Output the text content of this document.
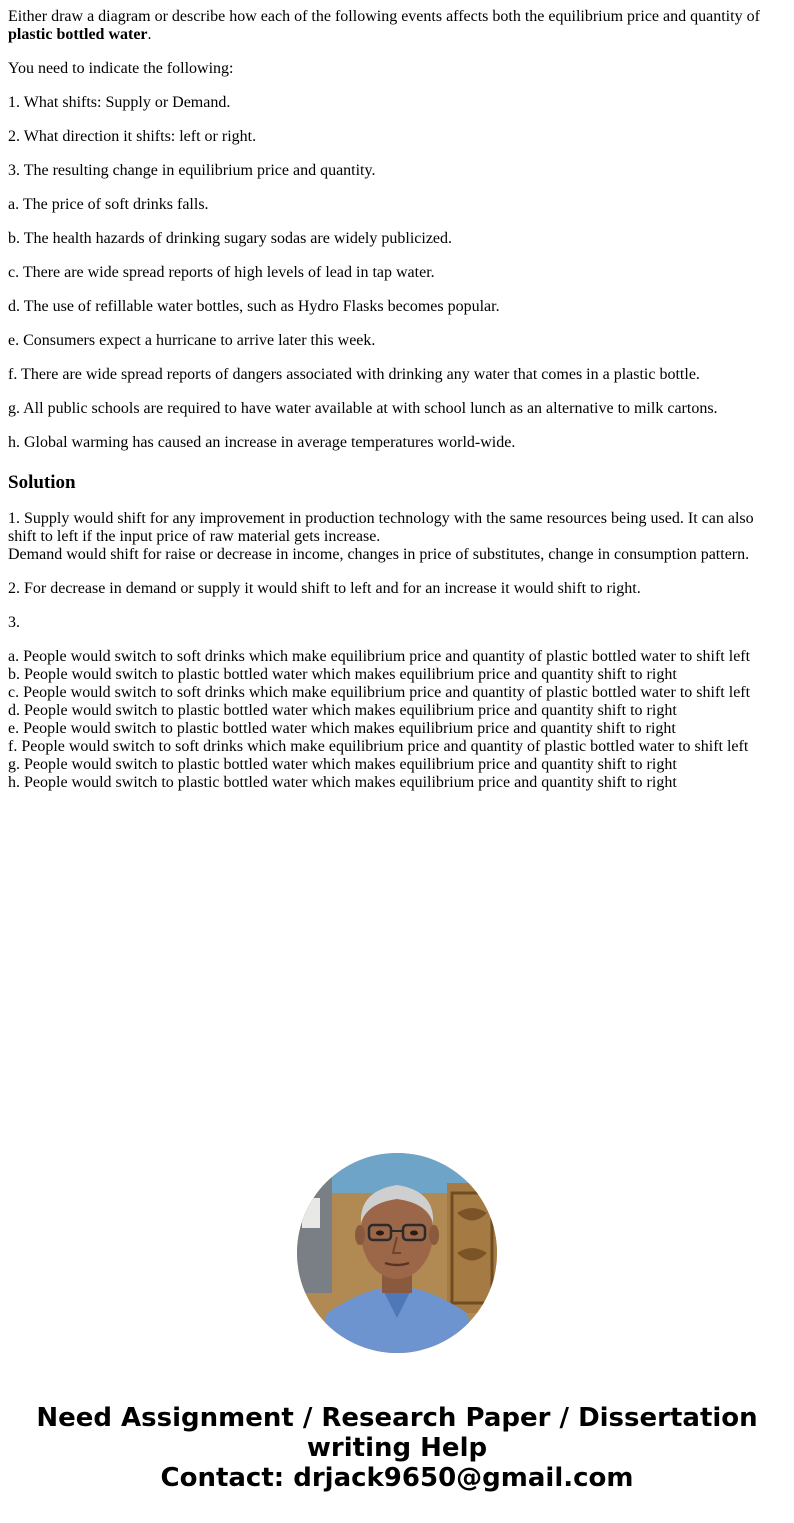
Either draw a diagram or describe how each of the following events affects both the equilibrium price and quantity of plastic bottled water.

You need to indicate the following:

1. What shifts: Supply or Demand.

2. What direction it shifts: left or right.

3. The resulting change in equilibrium price and quantity.

a. The price of soft drinks falls.

b. The health hazards of drinking sugary sodas are widely publicized.

c. There are wide spread reports of high levels of lead in tap water.

d. The use of refillable water bottles, such as Hydro Flasks becomes popular.

e. Consumers expect a hurricane to arrive later this week.

f. There are wide spread reports of dangers associated with drinking any water that comes in a plastic bottle.

g. All public schools are required to have water available at with school lunch as an alternative to milk cartons.

h. Global warming has caused an increase in average temperatures world-wide.

Solution

1. Supply would shift for any improvement in production technology with the same resources being used. It can also shift to left if the input price of raw material gets increase.
Demand would shift for raise or decrease in income, changes in price of substitutes, change in consumption pattern.

2. For decrease in demand or supply it would shift to left and for an increase it would shift to right.

3.

a. People would switch to soft drinks which make equilibrium price and quantity of plastic bottled water to shift left

b. People would switch to plastic bottled water which makes equilibrium price and quantity shift to right

c. People would switch to soft drinks which make equilibrium price and quantity of plastic bottled water to shift left

d. People would switch to plastic bottled water which makes equilibrium price and quantity shift to right

e. People would switch to plastic bottled water which makes equilibrium price and quantity shift to right

f. People would switch to soft drinks which make equilibrium price and quantity of plastic bottled water to shift left

g. People would switch to plastic bottled water which makes equilibrium price and quantity shift to right

h. People would switch to plastic bottled water which makes equilibrium price and quantity shift to right

Need Assignment / Research Paper / Dissertation
writing Help
Contact: drjack9650@gmail.com
